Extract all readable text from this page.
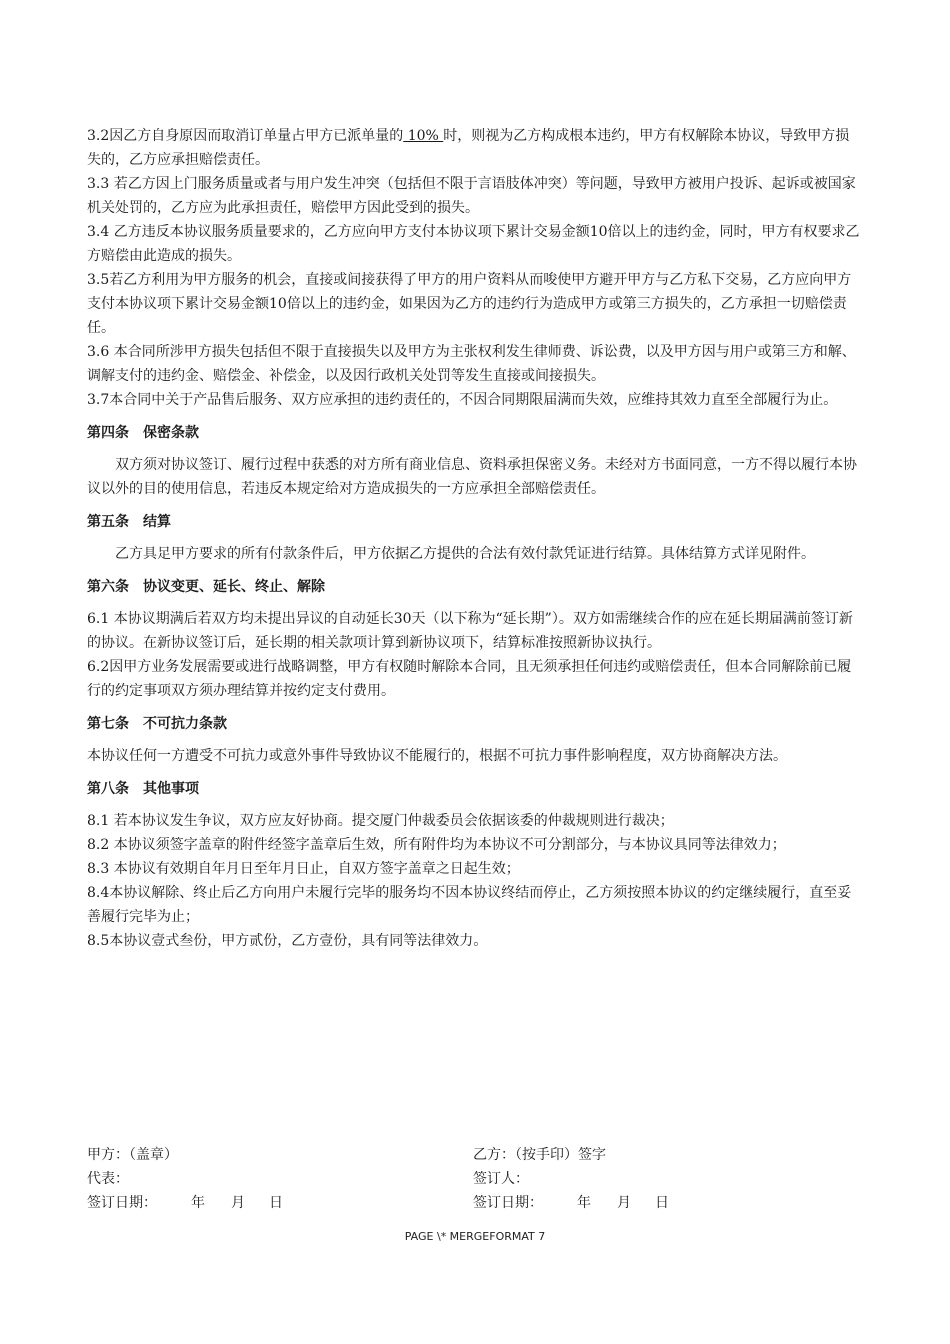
3.2因乙方自身原因而取消订单量占甲方已派单量的 10% 时，则视为乙方构成根本违约，甲方有权解除本协议，导致甲方损失的，乙方应承担赔偿责任。

3.3 若乙方因上门服务质量或者与用户发生冲突（包括但不限于言语肢体冲突）等问题，导致甲方被用户投诉、起诉或被国家机关处罚的，乙方应为此承担责任，赔偿甲方因此受到的损失。

3.4 乙方违反本协议服务质量要求的，乙方应向甲方支付本协议项下累计交易金额10倍以上的违约金，同时，甲方有权要求乙方赔偿由此造成的损失。

3.5若乙方利用为甲方服务的机会，直接或间接获得了甲方的用户资料从而唆使甲方避开甲方与乙方私下交易，乙方应向甲方支付本协议项下累计交易金额10倍以上的违约金，如果因为乙方的违约行为造成甲方或第三方损失的，乙方承担一切赔偿责任。

3.6 本合同所涉甲方损失包括但不限于直接损失以及甲方为主张权利发生律师费、诉讼费，以及甲方因与用户或第三方和解、调解支付的违约金、赔偿金、补偿金，以及因行政机关处罚等发生直接或间接损失。

3.7本合同中关于产品售后服务、双方应承担的违约责任的，不因合同期限届满而失效，应维持其效力直至全部履行为止。

第四条 保密条款

双方须对协议签订、履行过程中获悉的对方所有商业信息、资料承担保密义务。未经对方书面同意，一方不得以履行本协议以外的目的使用信息，若违反本规定给对方造成损失的一方应承担全部赔偿责任。

第五条 结算

乙方具足甲方要求的所有付款条件后，甲方依据乙方提供的合法有效付款凭证进行结算。具体结算方式详见附件。

第六条 协议变更、延长、终止、解除

6.1 本协议期满后若双方均未提出异议的自动延长30天（以下称为“延长期”）。双方如需继续合作的应在延长期届满前签订新的协议。在新协议签订后，延长期的相关款项计算到新协议项下，结算标准按照新协议执行。

6.2因甲方业务发展需要或进行战略调整，甲方有权随时解除本合同，且无须承担任何违约或赔偿责任，但本合同解除前已履行的约定事项双方须办理结算并按约定支付费用。

第七条 不可抗力条款

本协议任何一方遭受不可抗力或意外事件导致协议不能履行的，根据不可抗力事件影响程度，双方协商解决方法。

第八条 其他事项

8.1 若本协议发生争议，双方应友好协商。提交厦门仲裁委员会依据该委的仲裁规则进行裁决；

8.2 本协议须签字盖章的附件经签字盖章后生效，所有附件均为本协议不可分割部分，与本协议具同等法律效力；

8.3 本协议有效期自年月日至年月日止，自双方签字盖章之日起生效；

8.4本协议解除、终止后乙方向用户未履行完毕的服务均不因本协议终结而停止，乙方须按照本协议的约定继续履行，直至妥善履行完毕为止；

8.5本协议壹式叁份，甲方贰份，乙方壹份，具有同等法律效力。

甲方：（盖章）	乙方：（按手印）签字
代表：	签订人：
签订日期： 年 月 日	签订日期： 年 月 日
PAGE \* MERGEFORMAT 7
